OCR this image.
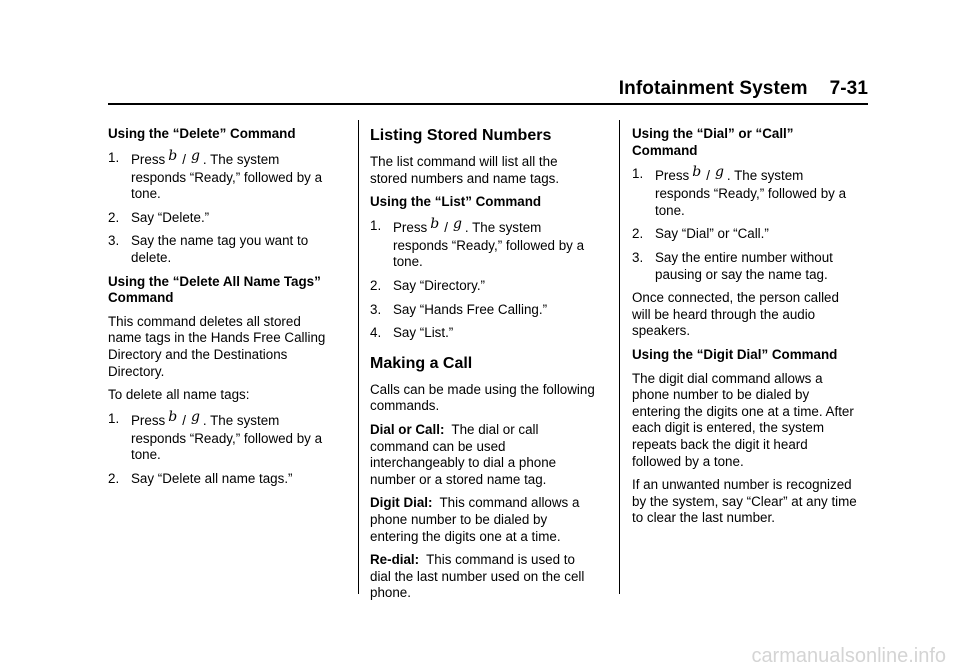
Infotainment System 7-31
Using the “Delete” Command
1. Press b / g . The system
responds “Ready,” followed by a tone.
2. Say “Delete.”
3. Say the name tag you want to delete.
Using the “Delete All Name Tags” Command
This command deletes all stored name tags in the Hands Free Calling Directory and the Destinations Directory.
To delete all name tags:
1. Press b / g . The system
responds “Ready,” followed by a tone.
2. Say “Delete all name tags.”
Listing Stored Numbers
The list command will list all the stored numbers and name tags.
Using the “List” Command
1. Press b / g . The system
responds “Ready,” followed by a tone.
2. Say “Directory.”
3. Say “Hands Free Calling.”
4. Say “List.”
Making a Call
Calls can be made using the following commands.
Dial or Call: The dial or call command can be used interchangeably to dial a phone number or a stored name tag.
Digit Dial: This command allows a phone number to be dialed by entering the digits one at a time.
Re-dial: This command is used to dial the last number used on the cell phone.
Using the “Dial” or “Call” Command
1. Press b / g . The system
responds “Ready,” followed by a tone.
2. Say “Dial” or “Call.”
3. Say the entire number without pausing or say the name tag.
Once connected, the person called will be heard through the audio speakers.
Using the “Digit Dial” Command
The digit dial command allows a phone number to be dialed by entering the digits one at a time. After each digit is entered, the system repeats back the digit it heard followed by a tone.
If an unwanted number is recognized by the system, say “Clear” at any time to clear the last number.
carmanualsonline.info
